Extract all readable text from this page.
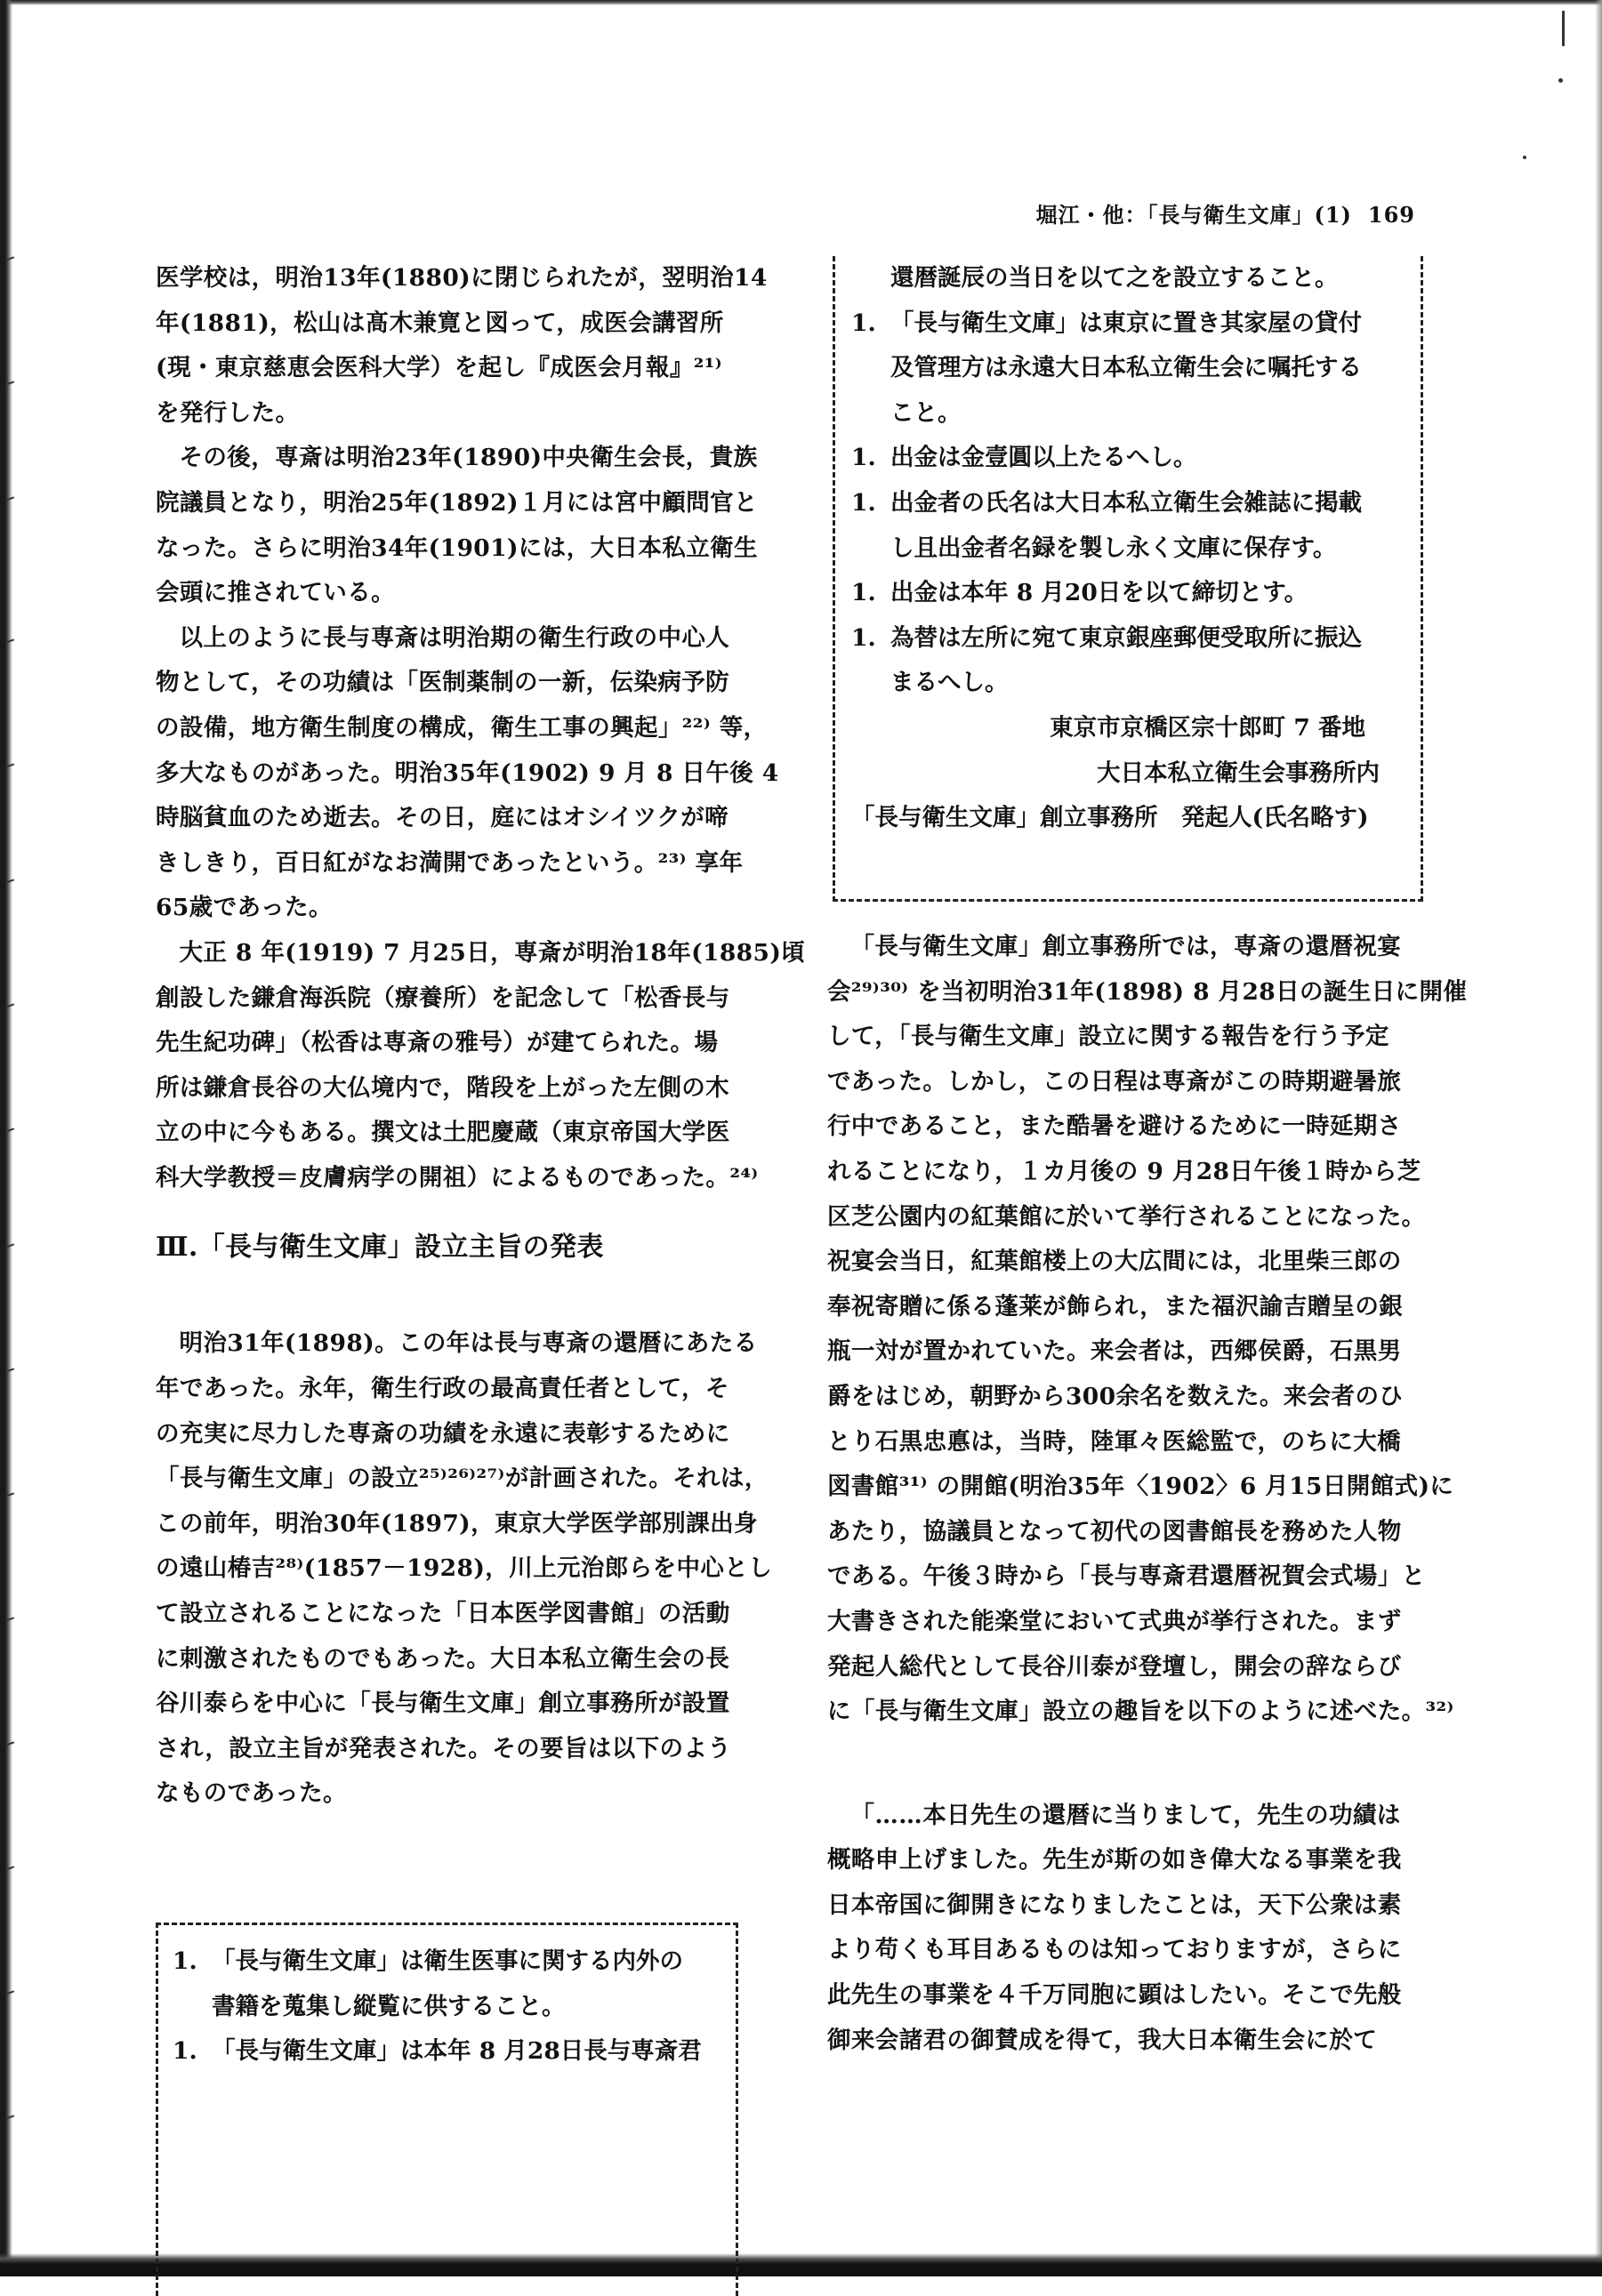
堀江・他：「長与衛生文庫」(1) 169

医学校は，明治13年(1880)に閉じられたが，翌明治14
年(1881)，松山は髙木兼寛と図って，成医会講習所
(現・東京慈恵会医科大学）を起し『成医会月報』²¹⁾
を発行した。

その後，専斎は明治23年(1890)中央衛生会長，貴族
院議員となり，明治25年(1892)１月には宮中顧問官と
なった。さらに明治34年(1901)には，大日本私立衛生
会頭に推されている。

以上のように長与専斎は明治期の衛生行政の中心人
物として，その功績は「医制薬制の一新，伝染病予防
の設備，地方衛生制度の構成，衛生工事の興起」²²⁾ 等，
多大なものがあった。明治35年(1902) 9 月 8 日午後 4
時脳貧血のため逝去。その日，庭にはオシイツクが啼
きしきり，百日紅がなお満開であったという。²³⁾ 享年
65歳であった。

大正 8 年(1919) 7 月25日，専斎が明治18年(1885)頃
創設した鎌倉海浜院（療養所）を記念して「松香長与
先生紀功碑」（松香は専斎の雅号）が建てられた。場
所は鎌倉長谷の大仏境内で，階段を上がった左側の木
立の中に今もある。撰文は土肥慶蔵（東京帝国大学医
科大学教授＝皮膚病学の開祖）によるものであった。²⁴⁾

Ⅲ.「長与衛生文庫」設立主旨の発表

明治31年(1898)。この年は長与専斎の還暦にあたる
年であった。永年，衛生行政の最高責任者として，そ
の充実に尽力した専斎の功績を永遠に表彰するために
「長与衛生文庫」の設立²⁵⁾²⁶⁾²⁷⁾が計画された。それは，
この前年，明治30年(1897)，東京大学医学部別課出身
の遠山椿吉²⁸⁾(1857－1928)，川上元治郎らを中心とし
て設立されることになった「日本医学図書館」の活動
に刺激されたものでもあった。大日本私立衛生会の長
谷川泰らを中心に「長与衛生文庫」創立事務所が設置
され，設立主旨が発表された。その要旨は以下のよう
なものであった。

1. 「長与衛生文庫」は衛生医事に関する内外の
書籍を蒐集し縦覧に供すること。
1. 「長与衛生文庫」は本年 8 月28日長与専斎君
還暦誕辰の当日を以て之を設立すること。
1. 「長与衛生文庫」は東京に置き其家屋の貸付
及管理方は永遠大日本私立衛生会に嘱托する
こと。
1. 出金は金壹圓以上たるへし。
1. 出金者の氏名は大日本私立衛生会雑誌に掲載
し且出金者名録を製し永く文庫に保存す。
1. 出金は本年 8 月20日を以て締切とす。
1. 為替は左所に宛て東京銀座郵便受取所に振込
まるへし。
東京市京橋区宗十郎町 7 番地
大日本私立衛生会事務所内
「長与衛生文庫」創立事務所　発起人(氏名略す)

「長与衛生文庫」創立事務所では，専斎の還暦祝宴
会²⁹⁾³⁰⁾ を当初明治31年(1898) 8 月28日の誕生日に開催
して，「長与衛生文庫」設立に関する報告を行う予定
であった。しかし，この日程は専斎がこの時期避暑旅
行中であること，また酷暑を避けるために一時延期さ
れることになり，１カ月後の 9 月28日午後１時から芝
区芝公園内の紅葉館に於いて挙行されることになった。
祝宴会当日，紅葉館楼上の大広間には，北里柴三郎の
奉祝寄贈に係る蓬莱が飾られ，また福沢諭吉贈呈の銀
瓶一対が置かれていた。来会者は，西郷侯爵，石黒男
爵をはじめ，朝野から300余名を数えた。来会者のひ
とり石黒忠悳は，当時，陸軍々医総監で，のちに大橋
図書館³¹⁾ の開館(明治35年〈1902〉6 月15日開館式)に
あたり，協議員となって初代の図書館長を務めた人物
である。午後３時から「長与専斎君還暦祝賀会式場」と
大書きされた能楽堂において式典が挙行された。まず
発起人総代として長谷川泰が登壇し，開会の辞ならび
に「長与衛生文庫」設立の趣旨を以下のように述べた。³²⁾

「……本日先生の還暦に当りまして，先生の功績は
概略申上げました。先生が斯の如き偉大なる事業を我
日本帝国に御開きになりましたことは，天下公衆は素
より苟くも耳目あるものは知っておりますが，さらに
此先生の事業を４千万同胞に顕はしたい。そこで先般
御来会諸君の御賛成を得て，我大日本衛生会に於て
